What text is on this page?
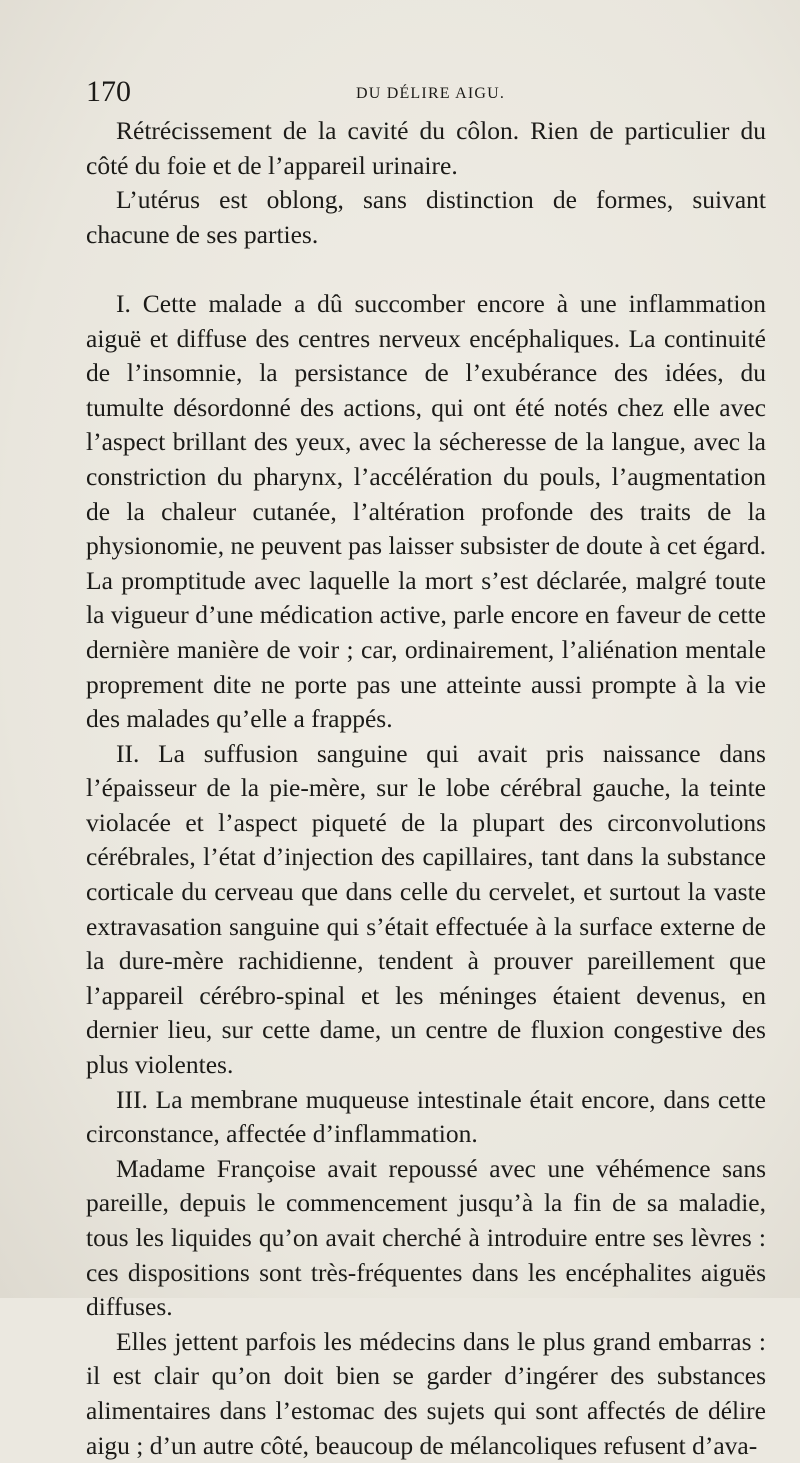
170	DU DÉLIRE AIGU.

Rétrécissement de la cavité du côlon. Rien de particulier du côté du foie et de l’appareil urinaire.

L’utérus est oblong, sans distinction de formes, suivant chacune de ses parties.

I. Cette malade a dû succomber encore à une inflammation aiguë et diffuse des centres nerveux encéphaliques. La continuité de l’insomnie, la persistance de l’exubérance des idées, du tumulte désordonné des actions, qui ont été notés chez elle avec l’aspect brillant des yeux, avec la sécheresse de la langue, avec la constriction du pharynx, l’accélération du pouls, l’augmentation de la chaleur cutanée, l’altération profonde des traits de la physionomie, ne peuvent pas laisser subsister de doute à cet égard. La promptitude avec laquelle la mort s’est déclarée, malgré toute la vigueur d’une médication active, parle encore en faveur de cette dernière manière de voir ; car, ordinairement, l’aliénation mentale proprement dite ne porte pas une atteinte aussi prompte à la vie des malades qu’elle a frappés.

II. La suffusion sanguine qui avait pris naissance dans l’épaisseur de la pie-mère, sur le lobe cérébral gauche, la teinte violacée et l’aspect piqueté de la plupart des circonvolutions cérébrales, l’état d’injection des capillaires, tant dans la substance corticale du cerveau que dans celle du cervelet, et surtout la vaste extravasation sanguine qui s’était effectuée à la surface externe de la dure-mère rachidienne, tendent à prouver pareillement que l’appareil cérébro-spinal et les méninges étaient devenus, en dernier lieu, sur cette dame, un centre de fluxion congestive des plus violentes.

III. La membrane muqueuse intestinale était encore, dans cette circonstance, affectée d’inflammation.

Madame Françoise avait repoussé avec une véhémence sans pareille, depuis le commencement jusqu’à la fin de sa maladie, tous les liquides qu’on avait cherché à introduire entre ses lèvres : ces dispositions sont très-fréquentes dans les encéphalites aiguës diffuses.

Elles jettent parfois les médecins dans le plus grand embarras : il est clair qu’on doit bien se garder d’ingérer des substances alimentaires dans l’estomac des sujets qui sont affectés de délire aigu ; d’un autre côté, beaucoup de mélancoliques refusent d’ava-
